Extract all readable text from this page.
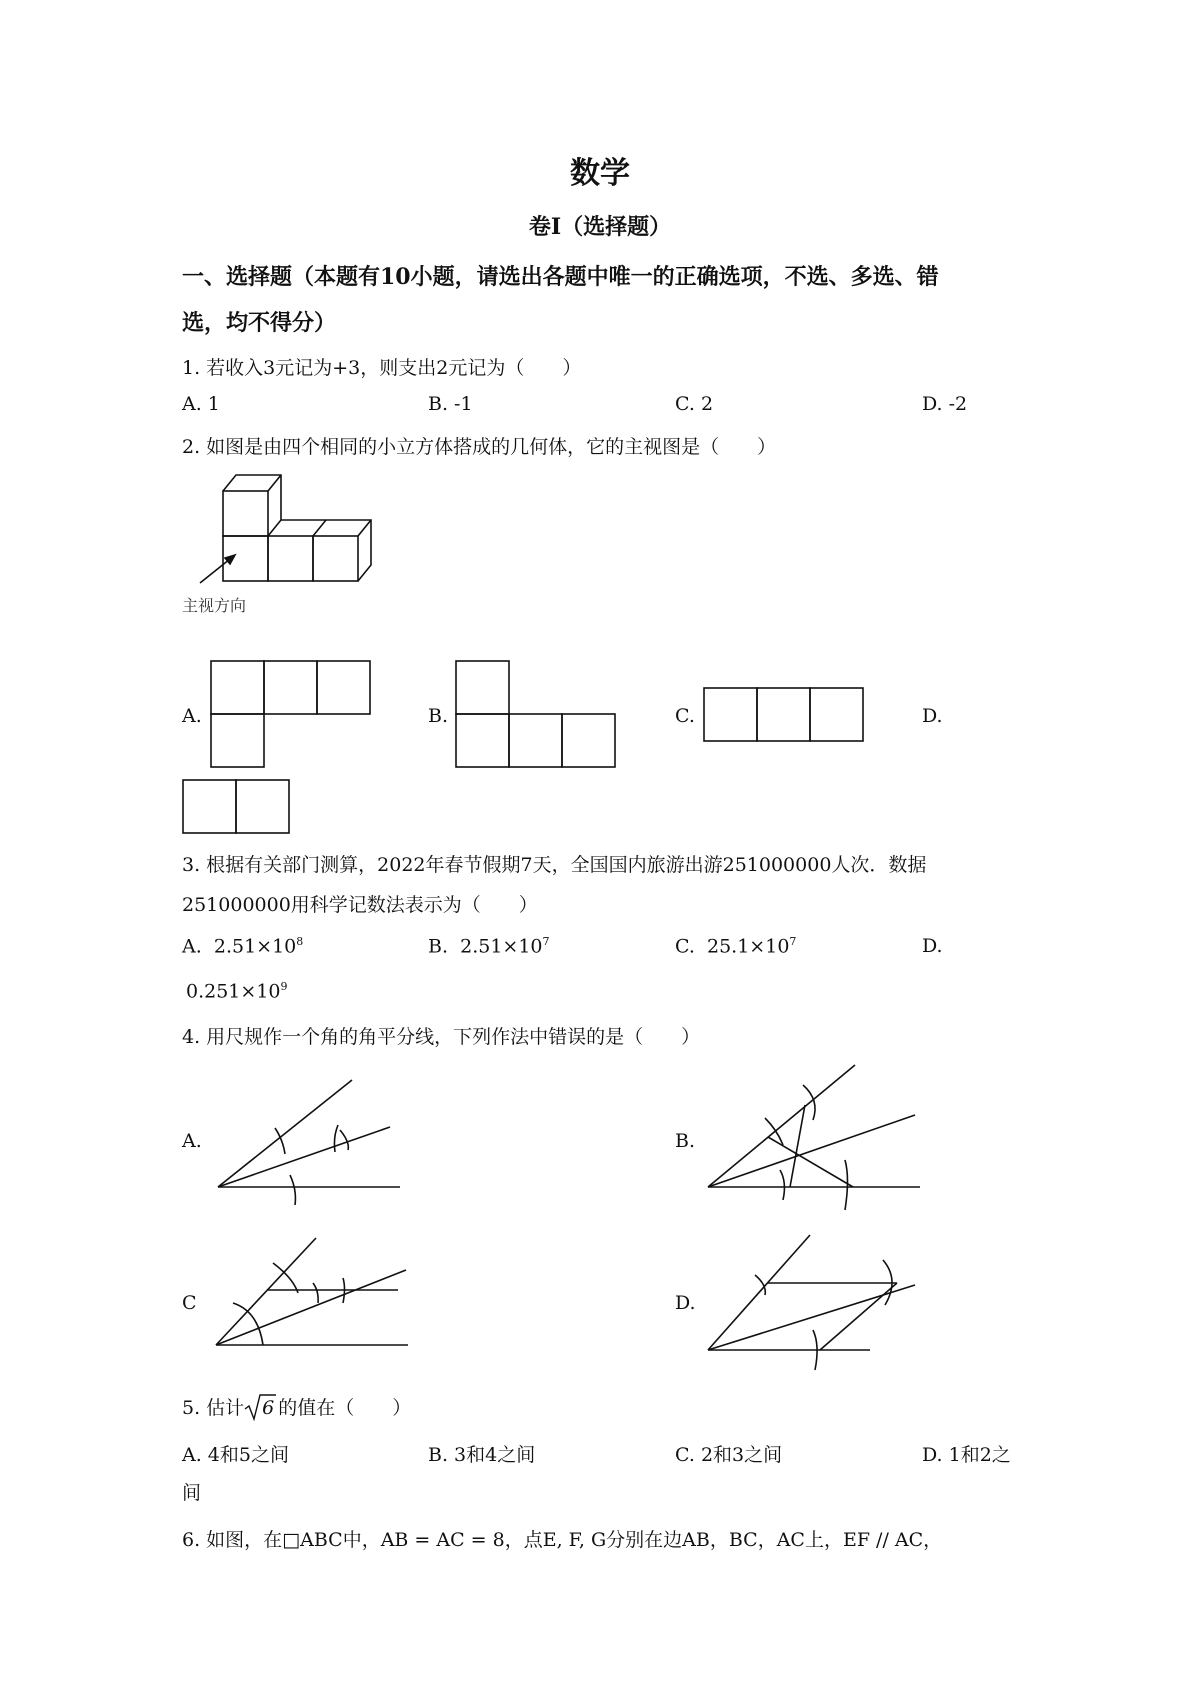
数学
卷Ⅰ（选择题）
一、选择题（本题有10小题，请选出各题中唯一的正确选项，不选、多选、错
选，均不得分）
1. 若收入3元记为+3，则支出2元记为（　　）
A. 1	B. -1	C. 2	D. -2
2. 如图是由四个相同的小立方体搭成的几何体，它的主视图是（　　）
主视方向
A.	B.	C.	D.
3. 根据有关部门测算，2022年春节假期7天，全国国内旅游出游251000000人次．数据
251000000用科学记数法表示为（　　）
A. $2.51\times 10^8$	B. $2.51\times 10^7$	C. $25.1\times 10^7$	D.
$0.251\times 10^9$
4. 用尺规作一个角的角平分线，下列作法中错误的是（　　）
A.	B.
C	D.
5. 估计 6 的值在（　　）
A. 4和5之间	B. 3和4之间	C. 2和3之间	D. 1和2之
间
6. 如图，在□ABC中，AB = AC = 8，点E, F, G分别在边AB，BC，AC上，EF // AC，
